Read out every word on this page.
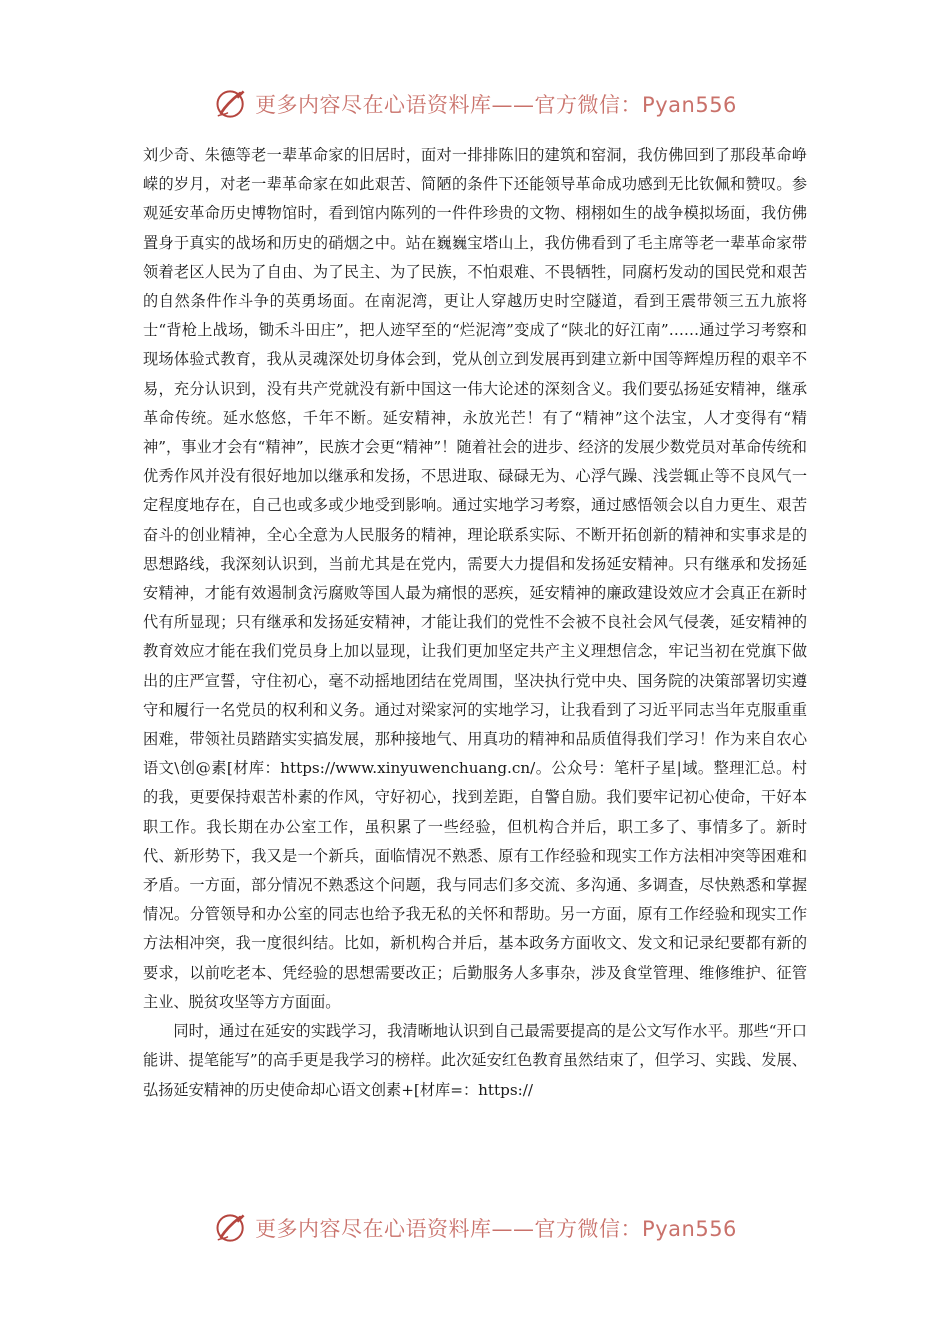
更多内容尽在心语资料库——官方微信：Pyan556

刘少奇、朱德等老一辈革命家的旧居时，面对一排排陈旧的建筑和窑洞，我仿佛回到了那段革命峥嵘的岁月，对老一辈革命家在如此艰苦、简陋的条件下还能领导革命成功感到无比钦佩和赞叹。参观延安革命历史博物馆时，看到馆内陈列的一件件珍贵的文物、栩栩如生的战争模拟场面，我仿佛置身于真实的战场和历史的硝烟之中。站在巍巍宝塔山上，我仿佛看到了毛主席等老一辈革命家带领着老区人民为了自由、为了民主、为了民族，不怕艰难、不畏牺牲，同腐朽发动的国民党和艰苦的自然条件作斗争的英勇场面。在南泥湾，更让人穿越历史时空隧道，看到王震带领三五九旅将士“背枪上战场，锄禾斗田庄”，把人迹罕至的“烂泥湾”变成了“陕北的好江南”……通过学习考察和现场体验式教育，我从灵魂深处切身体会到，党从创立到发展再到建立新中国等辉煌历程的艰辛不易，充分认识到，没有共产党就没有新中国这一伟大论述的深刻含义。我们要弘扬延安精神，继承革命传统。延水悠悠，千年不断。延安精神，永放光芒！有了“精神”这个法宝，人才变得有“精神”，事业才会有“精神”，民族才会更“精神”！随着社会的进步、经济的发展少数党员对革命传统和优秀作风并没有很好地加以继承和发扬，不思进取、碌碌无为、心浮气躁、浅尝辄止等不良风气一定程度地存在，自己也或多或少地受到影响。通过实地学习考察，通过感悟领会以自力更生、艰苦奋斗的创业精神，全心全意为人民服务的精神，理论联系实际、不断开拓创新的精神和实事求是的思想路线，我深刻认识到，当前尤其是在党内，需要大力提倡和发扬延安精神。只有继承和发扬延安精神，才能有效遏制贪污腐败等国人最为痛恨的恶疾，延安精神的廉政建设效应才会真正在新时代有所显现；只有继承和发扬延安精神，才能让我们的党性不会被不良社会风气侵袭，延安精神的教育效应才能在我们党员身上加以显现，让我们更加坚定共产主义理想信念，牢记当初在党旗下做出的庄严宣誓，守住初心，毫不动摇地团结在党周围，坚决执行党中央、国务院的决策部署切实遵守和履行一名党员的权利和义务。通过对梁家河的实地学习，让我看到了习近平同志当年克服重重困难，带领社员踏踏实实搞发展，那种接地气、用真功的精神和品质值得我们学习！作为来自农心语文\创@素[材库：https://www.xinyuwenchuang.cn/。公众号：笔杆子星|域。整理汇总。村的我，更要保持艰苦朴素的作风，守好初心，找到差距，自警自励。我们要牢记初心使命，干好本职工作。我长期在办公室工作，虽积累了一些经验，但机构合并后，职工多了、事情多了。新时代、新形势下，我又是一个新兵，面临情况不熟悉、原有工作经验和现实工作方法相冲突等困难和矛盾。一方面，部分情况不熟悉这个问题，我与同志们多交流、多沟通、多调查，尽快熟悉和掌握情况。分管领导和办公室的同志也给予我无私的关怀和帮助。另一方面，原有工作经验和现实工作方法相冲突，我一度很纠结。比如，新机构合并后，基本政务方面收文、发文和记录纪要都有新的要求，以前吃老本、凭经验的思想需要改正；后勤服务人多事杂，涉及食堂管理、维修维护、征管主业、脱贫攻坚等方方面面。

同时，通过在延安的实践学习，我清晰地认识到自己最需要提高的是公文写作水平。那些“开口能讲、提笔能写”的高手更是我学习的榜样。此次延安红色教育虽然结束了，但学习、实践、发展、弘扬延安精神的历史使命却心语文创素+[材库=：https://

更多内容尽在心语资料库——官方微信：Pyan556
